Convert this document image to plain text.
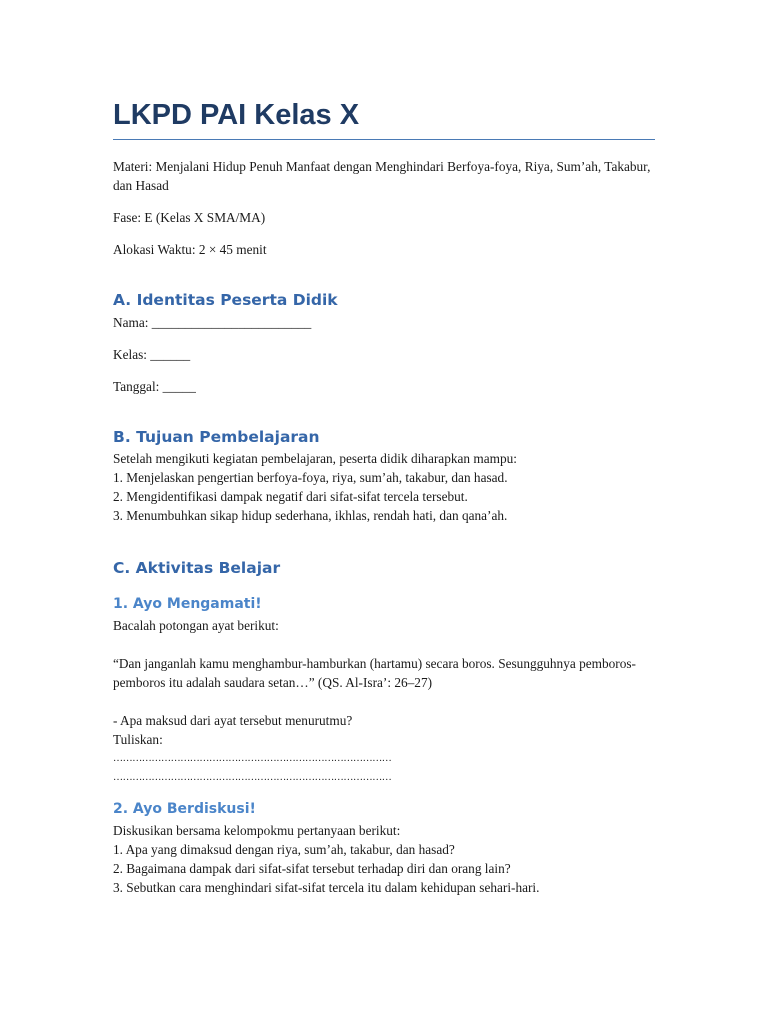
LKPD PAI Kelas X

Materi: Menjalani Hidup Penuh Manfaat dengan Menghindari Berfoya-foya, Riya, Sum’ah, Takabur, dan Hasad

Fase: E (Kelas X SMA/MA)

Alokasi Waktu: 2 × 45 menit

A. Identitas Peserta Didik

Nama: ________________________

Kelas: ______

Tanggal: _____

B. Tujuan Pembelajaran

Setelah mengikuti kegiatan pembelajaran, peserta didik diharapkan mampu:

1. Menjelaskan pengertian berfoya-foya, riya, sum’ah, takabur, dan hasad.

2. Mengidentifikasi dampak negatif dari sifat-sifat tercela tersebut.

3. Menumbuhkan sikap hidup sederhana, ikhlas, rendah hati, dan qana’ah.

C. Aktivitas Belajar
1. Ayo Mengamati!

Bacalah potongan ayat berikut:

“Dan janganlah kamu menghambur-hamburkan (hartamu) secara boros. Sesungguhnya pemboros-pemboros itu adalah saudara setan…” (QS. Al-Isra’: 26–27)

- Apa maksud dari ayat tersebut menurutmu?

Tuliskan:

……………………………………………………………………………
……………………………………………………………………………
2. Ayo Berdiskusi!

Diskusikan bersama kelompokmu pertanyaan berikut:

1. Apa yang dimaksud dengan riya, sum’ah, takabur, dan hasad?

2. Bagaimana dampak dari sifat-sifat tersebut terhadap diri dan orang lain?

3. Sebutkan cara menghindari sifat-sifat tercela itu dalam kehidupan sehari-hari.
